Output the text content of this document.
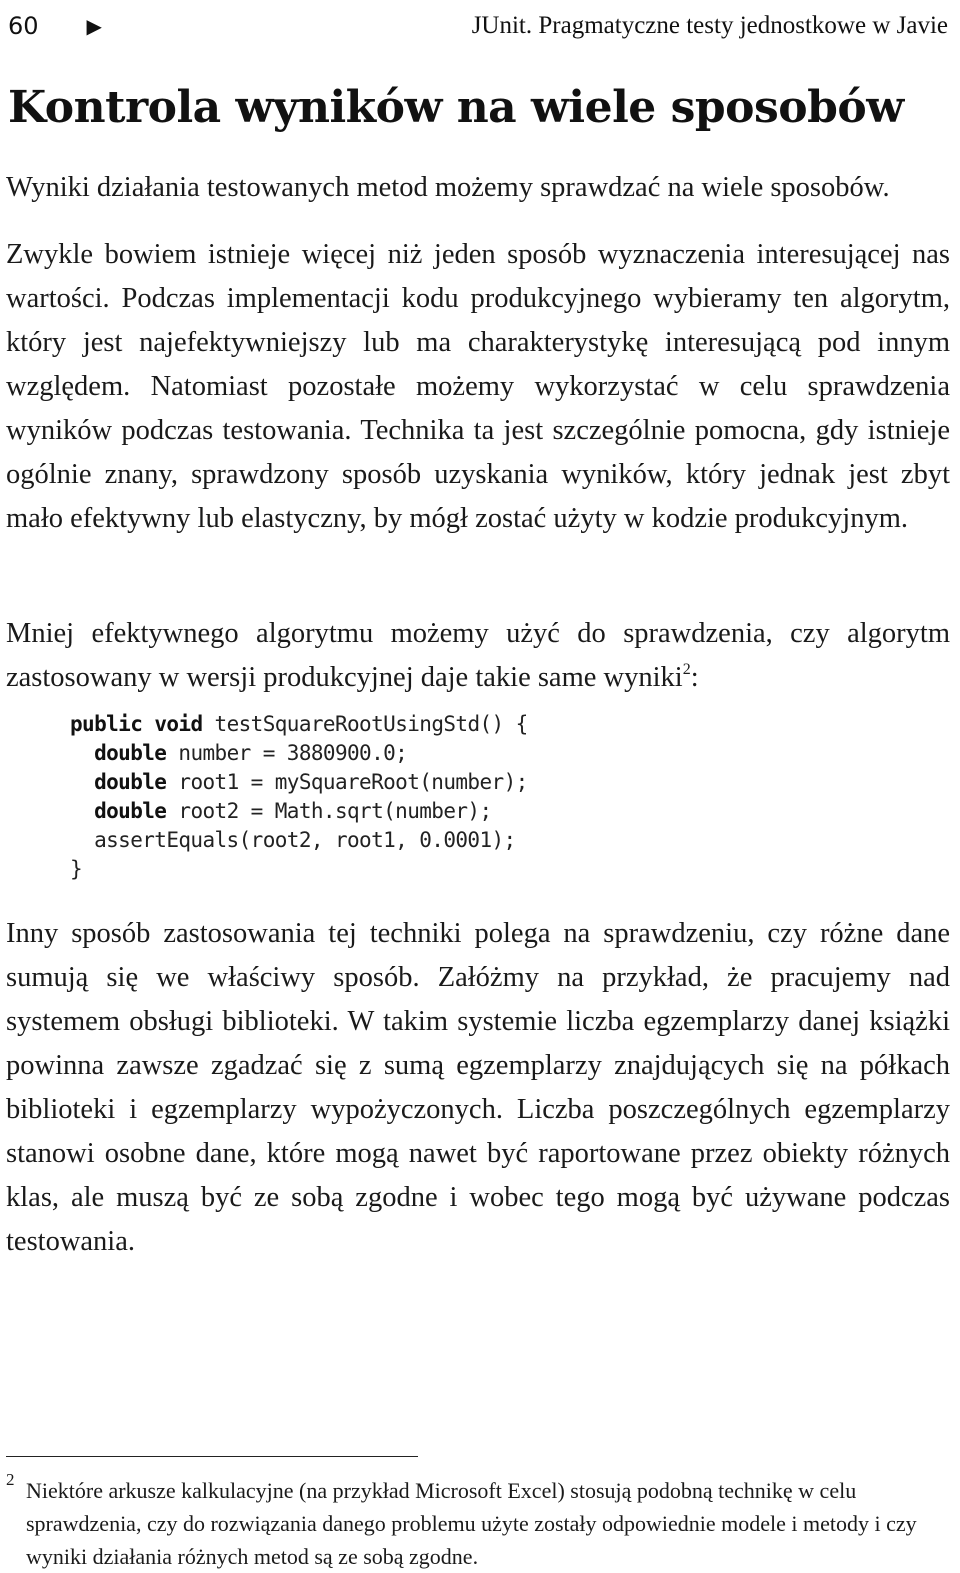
60 ▶	JUnit. Pragmatyczne testy jednostkowe w Javie
Kontrola wyników na wiele sposobów

Wyniki działania testowanych metod możemy sprawdzać na wiele sposobów.

Zwykle bowiem istnieje więcej niż jeden sposób wyznaczenia interesującej nas wartości. Podczas implementacji kodu produkcyjnego wybieramy ten algorytm, który jest najefektywniejszy lub ma charakterystykę interesującą pod innym względem. Natomiast pozostałe możemy wykorzystać w celu sprawdzenia wyników podczas testowania. Technika ta jest szczególnie pomocna, gdy istnieje ogólnie znany, sprawdzony sposób uzyskania wyników, który jednak jest zbyt mało efektywny lub elastyczny, by mógł zostać użyty w kodzie produkcyjnym.

Mniej efektywnego algorytmu możemy użyć do sprawdzenia, czy algorytm zastosowany w wersji produkcyjnej daje takie same wyniki$^2$:

public void testSquareRootUsingStd() {
double number = 3880900.0;
double root1 = mySquareRoot(number);
double root2 = Math.sqrt(number);
assertEquals(root2, root1, 0.0001);
}

Inny sposób zastosowania tej techniki polega na sprawdzeniu, czy różne dane sumują się we właściwy sposób. Załóżmy na przykład, że pracujemy nad systemem obsługi biblioteki. W takim systemie liczba egzemplarzy danej książki powinna zawsze zgadzać się z sumą egzemplarzy znajdujących się na półkach biblioteki i egzemplarzy wypożyczonych. Liczba poszczególnych egzemplarzy stanowi osobne dane, które mogą nawet być raportowane przez obiekty różnych klas, ale muszą być ze sobą zgodne i wobec tego mogą być używane podczas testowania.

2 Niektóre arkusze kalkulacyjne (na przykład Microsoft Excel) stosują podobną technikę w celu sprawdzenia, czy do rozwiązania danego problemu użyte zostały odpowiednie modele i metody i czy wyniki działania różnych metod są ze sobą zgodne.
